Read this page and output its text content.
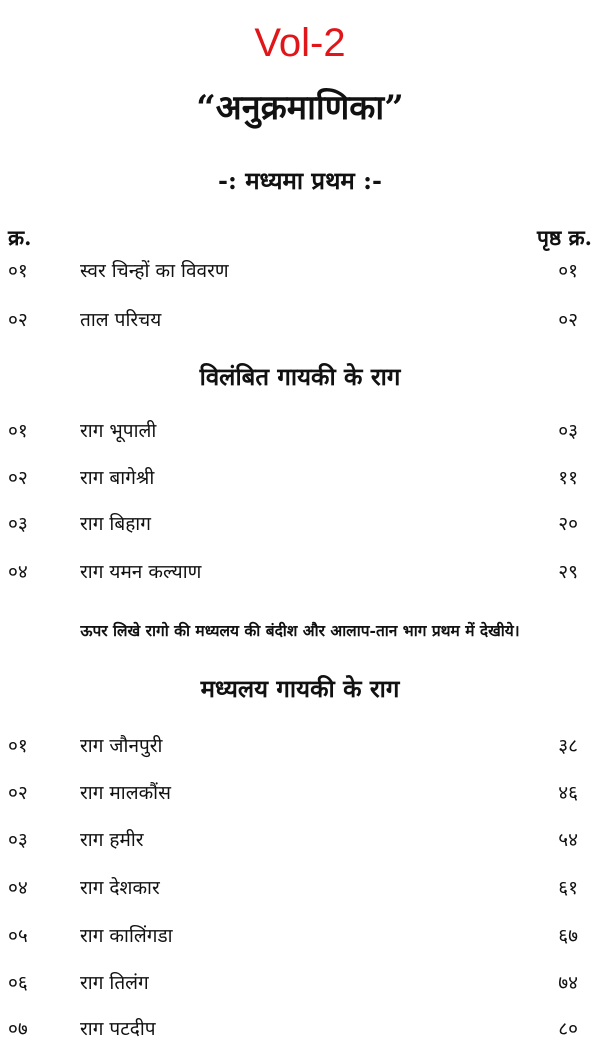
Vol-2
“अनुक्रमाणिका”
-: मध्यमा प्रथम :-
क्र.	पृष्ठ क्र.
०१	स्वर चिन्हों का विवरण	०१
०२	ताल परिचय	०२
विलंबित गायकी के राग
०१	राग भूपाली	०३
०२	राग बागेश्री	११
०३	राग बिहाग	२०
०४	राग यमन कल्याण	२९
ऊपर लिखे रागो की मध्यलय की बंदीश और आलाप-तान भाग प्रथम में देखीये।
मध्यलय गायकी के राग
०१	राग जौनपुरी	३८
०२	राग मालकौंस	४६
०३	राग हमीर	५४
०४	राग देशकार	६१
०५	राग कालिंगडा	६७
०६	राग तिलंग	७४
०७	राग पटदीप	८०
